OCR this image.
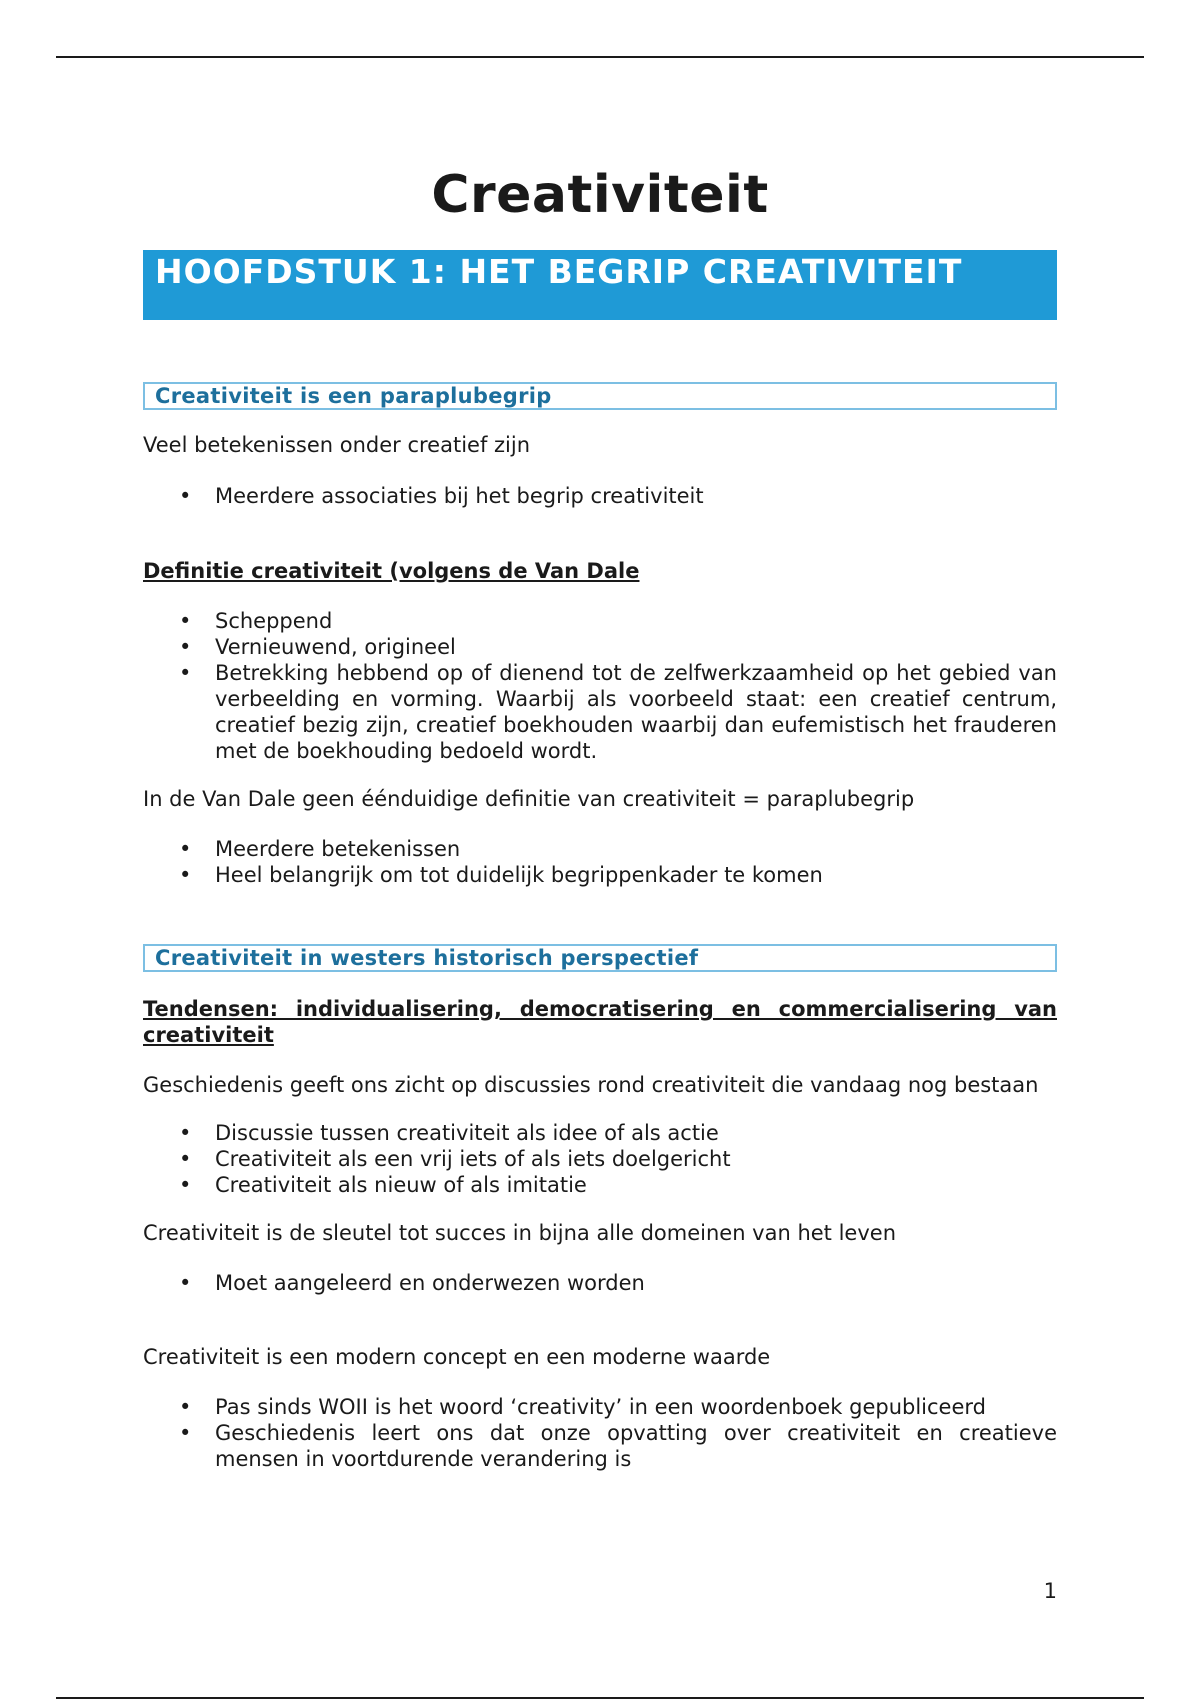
Creativiteit
HOOFDSTUK 1: HET BEGRIP CREATIVITEIT
Creativiteit is een paraplubegrip

Veel betekenissen onder creatief zijn

• Meerdere associaties bij het begrip creativiteit

Definitie creativiteit (volgens de Van Dale

• Scheppend
• Vernieuwend, origineel
• Betrekking hebbend op of dienend tot de zelfwerkzaamheid op het gebied van verbeelding en vorming. Waarbij als voorbeeld staat: een creatief centrum, creatief bezig zijn, creatief boekhouden waarbij dan eufemistisch het frauderen met de boekhouding bedoeld wordt.

In de Van Dale geen éénduidige definitie van creativiteit = paraplubegrip

• Meerdere betekenissen
• Heel belangrijk om tot duidelijk begrippenkader te komen
Creativiteit in westers historisch perspectief

Tendensen: individualisering, democratisering en commercialisering van creativiteit

Geschiedenis geeft ons zicht op discussies rond creativiteit die vandaag nog bestaan

• Discussie tussen creativiteit als idee of als actie
• Creativiteit als een vrij iets of als iets doelgericht
• Creativiteit als nieuw of als imitatie

Creativiteit is de sleutel tot succes in bijna alle domeinen van het leven

• Moet aangeleerd en onderwezen worden

Creativiteit is een modern concept en een moderne waarde

• Pas sinds WOII is het woord ‘creativity’ in een woordenboek gepubliceerd
• Geschiedenis leert ons dat onze opvatting over creativiteit en creatieve mensen in voortdurende verandering is
1
